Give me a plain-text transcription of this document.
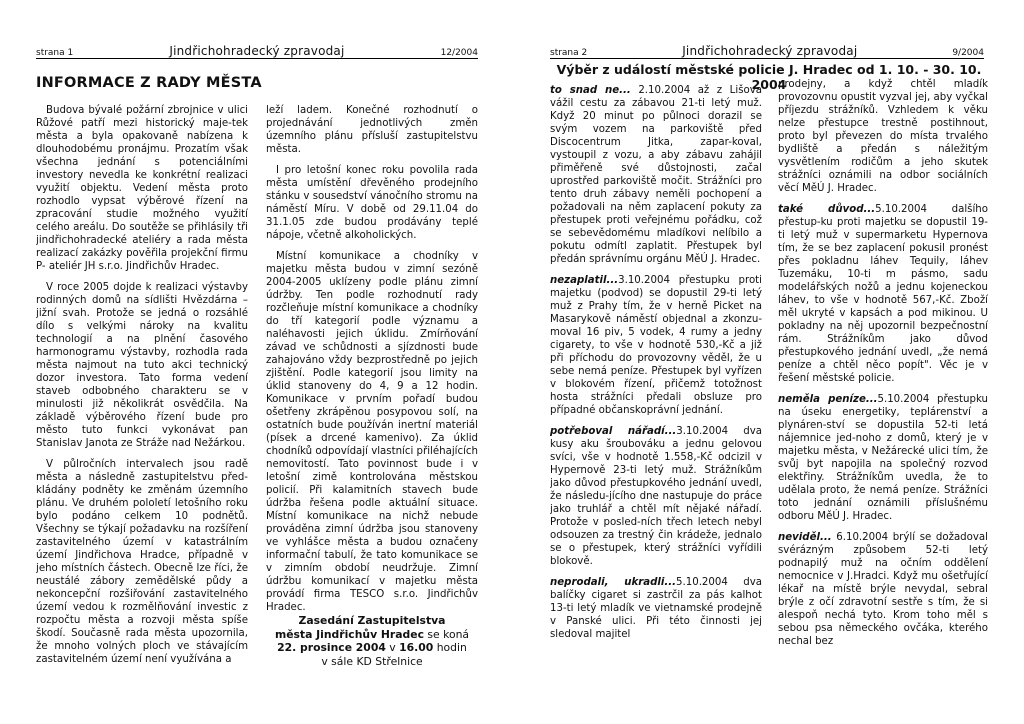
strana 1	Jindřichohradecký zpravodaj	12/2004
INFORMACE Z RADY MĚSTA

Budova bývalé požární zbrojnice v ulici Růžové patří mezi historický maje-tek města a byla opakovaně nabízena k dlouhodobému pronájmu. Prozatím však všechna jednání s potenciálními investory nevedla ke konkrétní realizaci využití objektu. Vedení města proto rozhodlo vypsat výběrové řízení na zpracování studie možného využití celého areálu. Do soutěže se přihlásily tři jindřichohradecké ateliéry a rada města realizací zakázky pověřila projekční firmu P- ateliér JH s.r.o. Jindřichův Hradec.

V roce 2005 dojde k realizaci výstavby rodinných domů na sídlišti Hvězdárna – jižní svah. Protože se jedná o rozsáhlé dílo s velkými nároky na kvalitu technologií a na plnění časového harmonogramu výstavby, rozhodla rada města najmout na tuto akci technický dozor investora. Tato forma vedení staveb odbobného charakteru se v minulosti již několikrát osvědčila. Na základě výběrového řízení bude pro město tuto funkci vykonávat pan Stanislav Janota ze Stráže nad Nežárkou.

V půlročních intervalech jsou radě města a následně zastupitelstvu před-kládány podněty ke změnám územního plánu. Ve druhém pololetí letošního roku bylo podáno celkem 10 podnětů. Všechny se týkají požadavku na rozšíření zastavitelného území v katastrálním území Jindřichova Hradce, případně v jeho místních částech. Obecně lze říci, že neustálé zábory zemědělské půdy a nekoncepční rozšiřování zastavitelného území vedou k rozmělňování investic z rozpočtu města a rozvoji města spíše škodí. Současně rada města upozornila, že mnoho volných ploch ve stávajícím zastavitelném území není využívána a

leží ladem. Konečné rozhodnutí o projednávání jednotlivých změn územního plánu přísluší zastupitelstvu města.

I pro letošní konec roku povolila rada města umístění dřevěného prodejního stánku v sousedství vánočního stromu na náměstí Míru. V době od 29.11.04 do 31.1.05 zde budou prodávány teplé nápoje, včetně alkoholických.

Místní komunikace a chodníky v majetku města budou v zimní sezóně 2004-2005 uklízeny podle plánu zimní údržby. Ten podle rozhodnutí rady rozčleňuje místní komunikace a chodníky do tří kategorií podle významu a naléhavosti jejich úklidu. Zmírňování závad ve schůdnosti a sjízdnosti bude zahajováno vždy bezprostředně po jejich zjištění. Podle kategorií jsou limity na úklid stanoveny do 4, 9 a 12 hodin. Komunikace v prvním pořadí budou ošetřeny zkrápěnou posypovou solí, na ostatních bude používán inertní materiál (písek a drcené kamenivo). Za úklid chodníků odpovídají vlastníci přiléhajících nemovitostí. Tato povinnost bude i v letošní zimě kontrolována městskou policií. Při kalamitních stavech bude údržba řešena podle aktuální situace. Místní komunikace na nichž nebude prováděna zimní údržba jsou stanoveny ve vyhlášce města a budou označeny informační tabulí, že tato komunikace se v zimním období neudržuje. Zimní údržbu komunikací v majetku města provádí firma TESCO s.r.o. Jindřichův Hradec.

Zasedání Zastupitelstva
města Jindřichův Hradec se koná
22. prosince 2004 v 16.00 hodin
v sále KD Střelnice
strana 2	Jindřichohradecký zpravodaj	9/2004
Výběr z událostí městské policie J. Hradec od 1. 10. - 30. 10. 2004

to snad ne... 2.10.2004 až z Lišova vážil cestu za zábavou 21-ti letý muž. Když 20 minut po půlnoci dorazil se svým vozem na parkoviště před Discocentrum Jitka, zapar-koval, vystoupil z vozu, a aby zábavu zahájil přiměřeně své důstojnosti, začal uprostřed parkoviště močit. Strážníci pro tento druh zábavy neměli pochopení a požadovali na něm zaplacení pokuty za přestupek proti veřejnému pořádku, což se sebevědomému mladíkovi nelíbilo a pokutu odmítl zaplatit. Přestupek byl předán správnímu orgánu MěÚ J. Hradec.

nezaplatil...3.10.2004 přestupku proti majetku (podvod) se dopustil 29-ti letý muž z Prahy tím, že v herně Picket na Masarykově náměstí objednal a zkonzu-moval 16 piv, 5 vodek, 4 rumy a jedny cigarety, to vše v hodnotě 530,-Kč a již při příchodu do provozovny věděl, že u sebe nemá peníze. Přestupek byl vyřízen v blokovém řízení, přičemž totožnost hosta strážníci předali obsluze pro případné občanskoprávní jednání.

potřeboval nářadí...3.10.2004 dva kusy aku šroubováku a jednu gelovou svíci, vše v hodnotě 1.558,-Kč odcizil v Hypernově 23-ti letý muž. Strážníkům jako důvod přestupkového jednání uvedl, že následu-jícího dne nastupuje do práce jako truhlář a chtěl mít nějaké nářadí. Protože v posled-ních třech letech nebyl odsouzen za trestný čin krádeže, jednalo se o přestupek, který strážníci vyřídili blokově.

neprodali, ukradli...5.10.2004 dva balíčky cigaret si zastrčil za pás kalhot 13-ti letý mladík ve vietnamské prodejně v Panské ulici. Při této činnosti jej sledoval majitel

prodejny, a když chtěl mladík provozovnu opustit vyzval jej, aby vyčkal příjezdu strážníků. Vzhledem k věku nelze přestupce trestně postihnout, proto byl převezen do místa trvalého bydliště a předán s náležitým vysvětlením rodičům a jeho skutek strážníci oznámili na odbor sociálních věcí MěÚ J. Hradec.

také důvod...5.10.2004 dalšího přestup-ku proti majetku se dopustil 19-ti letý muž v supermarketu Hypernova tím, že se bez zaplacení pokusil pronést přes pokladnu láhev Tequily, láhev Tuzemáku, 10-ti m pásmo, sadu modelářských nožů a jednu kojeneckou láhev, to vše v hodnotě 567,-Kč. Zboží měl ukryté v kapsách a pod mikinou. U pokladny na něj upozornil bezpečnostní rám. Strážníkům jako důvod přestupkového jednání uvedl, „že nemá peníze a chtěl něco popít". Věc je v řešení městské policie.

neměla peníze...5.10.2004 přestupku na úseku energetiky, teplárenství a plynáren-ství se dopustila 52-ti letá nájemnice jed-noho z domů, který je v majetku města, v Nežárecké ulici tím, že svůj byt napojila na společný rozvod elektřiny. Strážníkům uvedla, že to udělala proto, že nemá peníze. Strážníci toto jednání oznámili příslušnému odboru MěÚ J. Hradec.

neviděl... 6.10.2004 brýlí se dožadoval svérázným způsobem 52-ti letý podnapilý muž na očním oddělení nemocnice v J.Hradci. Když mu ošetřující lékař na místě brýle nevydal, sebral brýle z očí zdravotní sestře s tím, že si alespoň nechá tyto. Krom toho měl s sebou psa německého ovčáka, kterého nechal bez
